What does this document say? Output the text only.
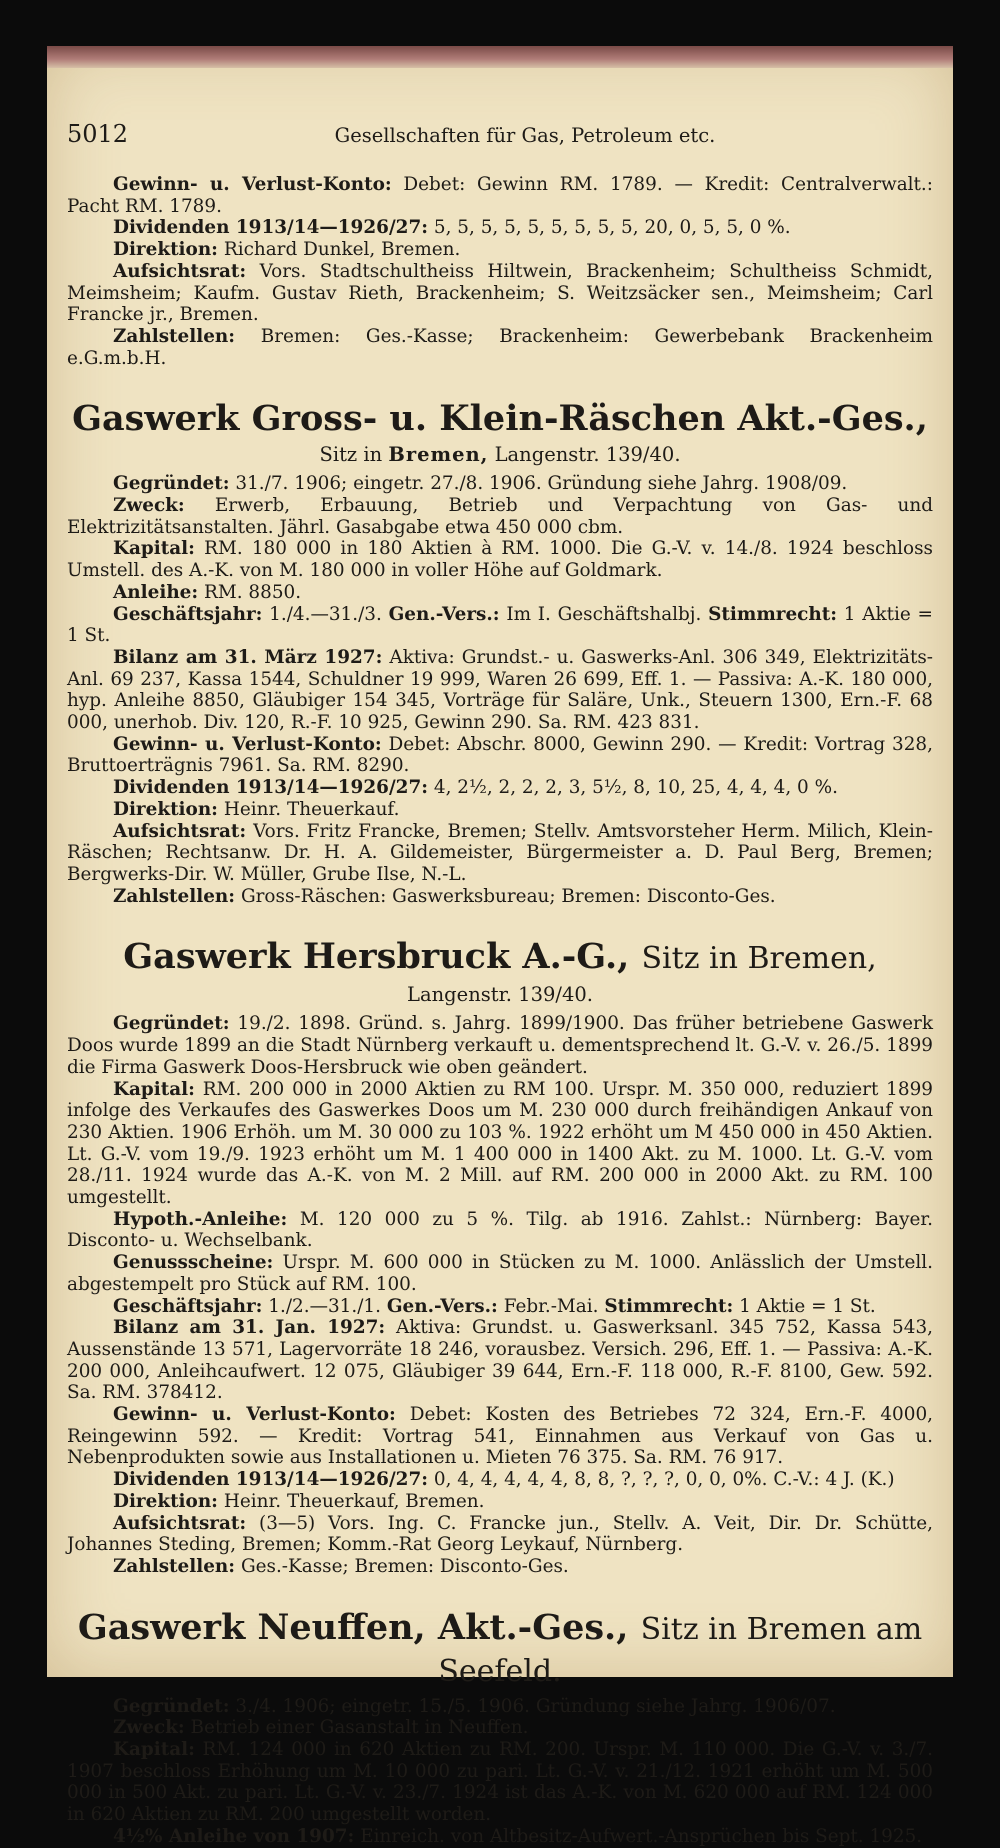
5012	Gesellschaften für Gas, Petroleum etc.

Gewinn- u. Verlust-Konto: Debet: Gewinn RM. 1789. — Kredit: Centralverwalt.: Pacht RM. 1789.

Dividenden 1913/14—1926/27: 5, 5, 5, 5, 5, 5, 5, 5, 5, 20, 0, 5, 5, 0 %.

Direktion: Richard Dunkel, Bremen.

Aufsichtsrat: Vors. Stadtschultheiss Hiltwein, Brackenheim; Schultheiss Schmidt, Meimsheim; Kaufm. Gustav Rieth, Brackenheim; S. Weitzsäcker sen., Meimsheim; Carl Francke jr., Bremen.

Zahlstellen: Bremen: Ges.-Kasse; Brackenheim: Gewerbebank Brackenheim e.G.m.b.H.

Gaswerk Gross- u. Klein-Räschen Akt.-Ges.,
Sitz in Bremen, Langenstr. 139/40.

Gegründet: 31./7. 1906; eingetr. 27./8. 1906. Gründung siehe Jahrg. 1908/09.

Zweck: Erwerb, Erbauung, Betrieb und Verpachtung von Gas- und Elektrizitätsanstalten. Jährl. Gasabgabe etwa 450 000 cbm.

Kapital: RM. 180 000 in 180 Aktien à RM. 1000. Die G.-V. v. 14./8. 1924 beschloss Umstell. des A.-K. von M. 180 000 in voller Höhe auf Goldmark.

Anleihe: RM. 8850.

Geschäftsjahr: 1./4.—31./3. Gen.-Vers.: Im I. Geschäftshalbj. Stimmrecht: 1 Aktie = 1 St.

Bilanz am 31. März 1927: Aktiva: Grundst.- u. Gaswerks-Anl. 306 349, Elektrizitäts-Anl. 69 237, Kassa 1544, Schuldner 19 999, Waren 26 699, Eff. 1. — Passiva: A.-K. 180 000, hyp. Anleihe 8850, Gläubiger 154 345, Vorträge für Saläre, Unk., Steuern 1300, Ern.-F. 68 000, unerhob. Div. 120, R.-F. 10 925, Gewinn 290. Sa. RM. 423 831.

Gewinn- u. Verlust-Konto: Debet: Abschr. 8000, Gewinn 290. — Kredit: Vortrag 328, Bruttoerträgnis 7961. Sa. RM. 8290.

Dividenden 1913/14—1926/27: 4, 2½, 2, 2, 2, 3, 5½, 8, 10, 25, 4, 4, 4, 0 %.

Direktion: Heinr. Theuerkauf.

Aufsichtsrat: Vors. Fritz Francke, Bremen; Stellv. Amtsvorsteher Herm. Milich, Klein-Räschen; Rechtsanw. Dr. H. A. Gildemeister, Bürgermeister a. D. Paul Berg, Bremen; Bergwerks-Dir. W. Müller, Grube Ilse, N.-L.

Zahlstellen: Gross-Räschen: Gaswerksbureau; Bremen: Disconto-Ges.

Gaswerk Hersbruck A.-G., Sitz in Bremen,
Langenstr. 139/40.

Gegründet: 19./2. 1898. Gründ. s. Jahrg. 1899/1900. Das früher betriebene Gaswerk Doos wurde 1899 an die Stadt Nürnberg verkauft u. dementsprechend lt. G.-V. v. 26./5. 1899 die Firma Gaswerk Doos-Hersbruck wie oben geändert.

Kapital: RM. 200 000 in 2000 Aktien zu RM 100. Urspr. M. 350 000, reduziert 1899 infolge des Verkaufes des Gaswerkes Doos um M. 230 000 durch freihändigen Ankauf von 230 Aktien. 1906 Erhöh. um M. 30 000 zu 103 %. 1922 erhöht um M 450 000 in 450 Aktien. Lt. G.-V. vom 19./9. 1923 erhöht um M. 1 400 000 in 1400 Akt. zu M. 1000. Lt. G.-V. vom 28./11. 1924 wurde das A.-K. von M. 2 Mill. auf RM. 200 000 in 2000 Akt. zu RM. 100 umgestellt.

Hypoth.-Anleihe: M. 120 000 zu 5 %. Tilg. ab 1916. Zahlst.: Nürnberg: Bayer. Disconto- u. Wechselbank.

Genussscheine: Urspr. M. 600 000 in Stücken zu M. 1000. Anlässlich der Umstell. abgestempelt pro Stück auf RM. 100.

Geschäftsjahr: 1./2.—31./1. Gen.-Vers.: Febr.-Mai. Stimmrecht: 1 Aktie = 1 St.

Bilanz am 31. Jan. 1927: Aktiva: Grundst. u. Gaswerksanl. 345 752, Kassa 543, Aussenstände 13 571, Lagervorräte 18 246, vorausbez. Versich. 296, Eff. 1. — Passiva: A.-K. 200 000, Anleihcaufwert. 12 075, Gläubiger 39 644, Ern.-F. 118 000, R.-F. 8100, Gew. 592. Sa. RM. 378412.

Gewinn- u. Verlust-Konto: Debet: Kosten des Betriebes 72 324, Ern.-F. 4000, Reingewinn 592. — Kredit: Vortrag 541, Einnahmen aus Verkauf von Gas u. Nebenprodukten sowie aus Installationen u. Mieten 76 375. Sa. RM. 76 917.

Dividenden 1913/14—1926/27: 0, 4, 4, 4, 4, 4, 8, 8, ?, ?, ?, 0, 0, 0%. C.-V.: 4 J. (K.)

Direktion: Heinr. Theuerkauf, Bremen.

Aufsichtsrat: (3—5) Vors. Ing. C. Francke jun., Stellv. A. Veit, Dir. Dr. Schütte, Johannes Steding, Bremen; Komm.-Rat Georg Leykauf, Nürnberg.

Zahlstellen: Ges.-Kasse; Bremen: Disconto-Ges.

Gaswerk Neuffen, Akt.-Ges., Sitz in Bremen am Seefeld.

Gegründet: 3./4. 1906; eingetr. 15./5. 1906. Gründung siehe Jahrg. 1906/07.

Zweck: Betrieb einer Gasanstalt in Neuffen.

Kapital: RM. 124 000 in 620 Aktien zu RM. 200. Urspr. M. 110 000. Die G.-V. v. 3./7. 1907 beschloss Erhöhung um M. 10 000 zu pari. Lt. G.-V. v. 21./12. 1921 erhöht um M. 500 000 in 500 Akt. zu pari. Lt. G.-V. v. 23./7. 1924 ist das A.-K. von M. 620 000 auf RM. 124 000 in 620 Aktien zu RM. 200 umgestellt worden.

4½% Anleihe von 1907: Einreich. von Altbesitz-Aufwert.-Ansprüchen bis Sept. 1925.
